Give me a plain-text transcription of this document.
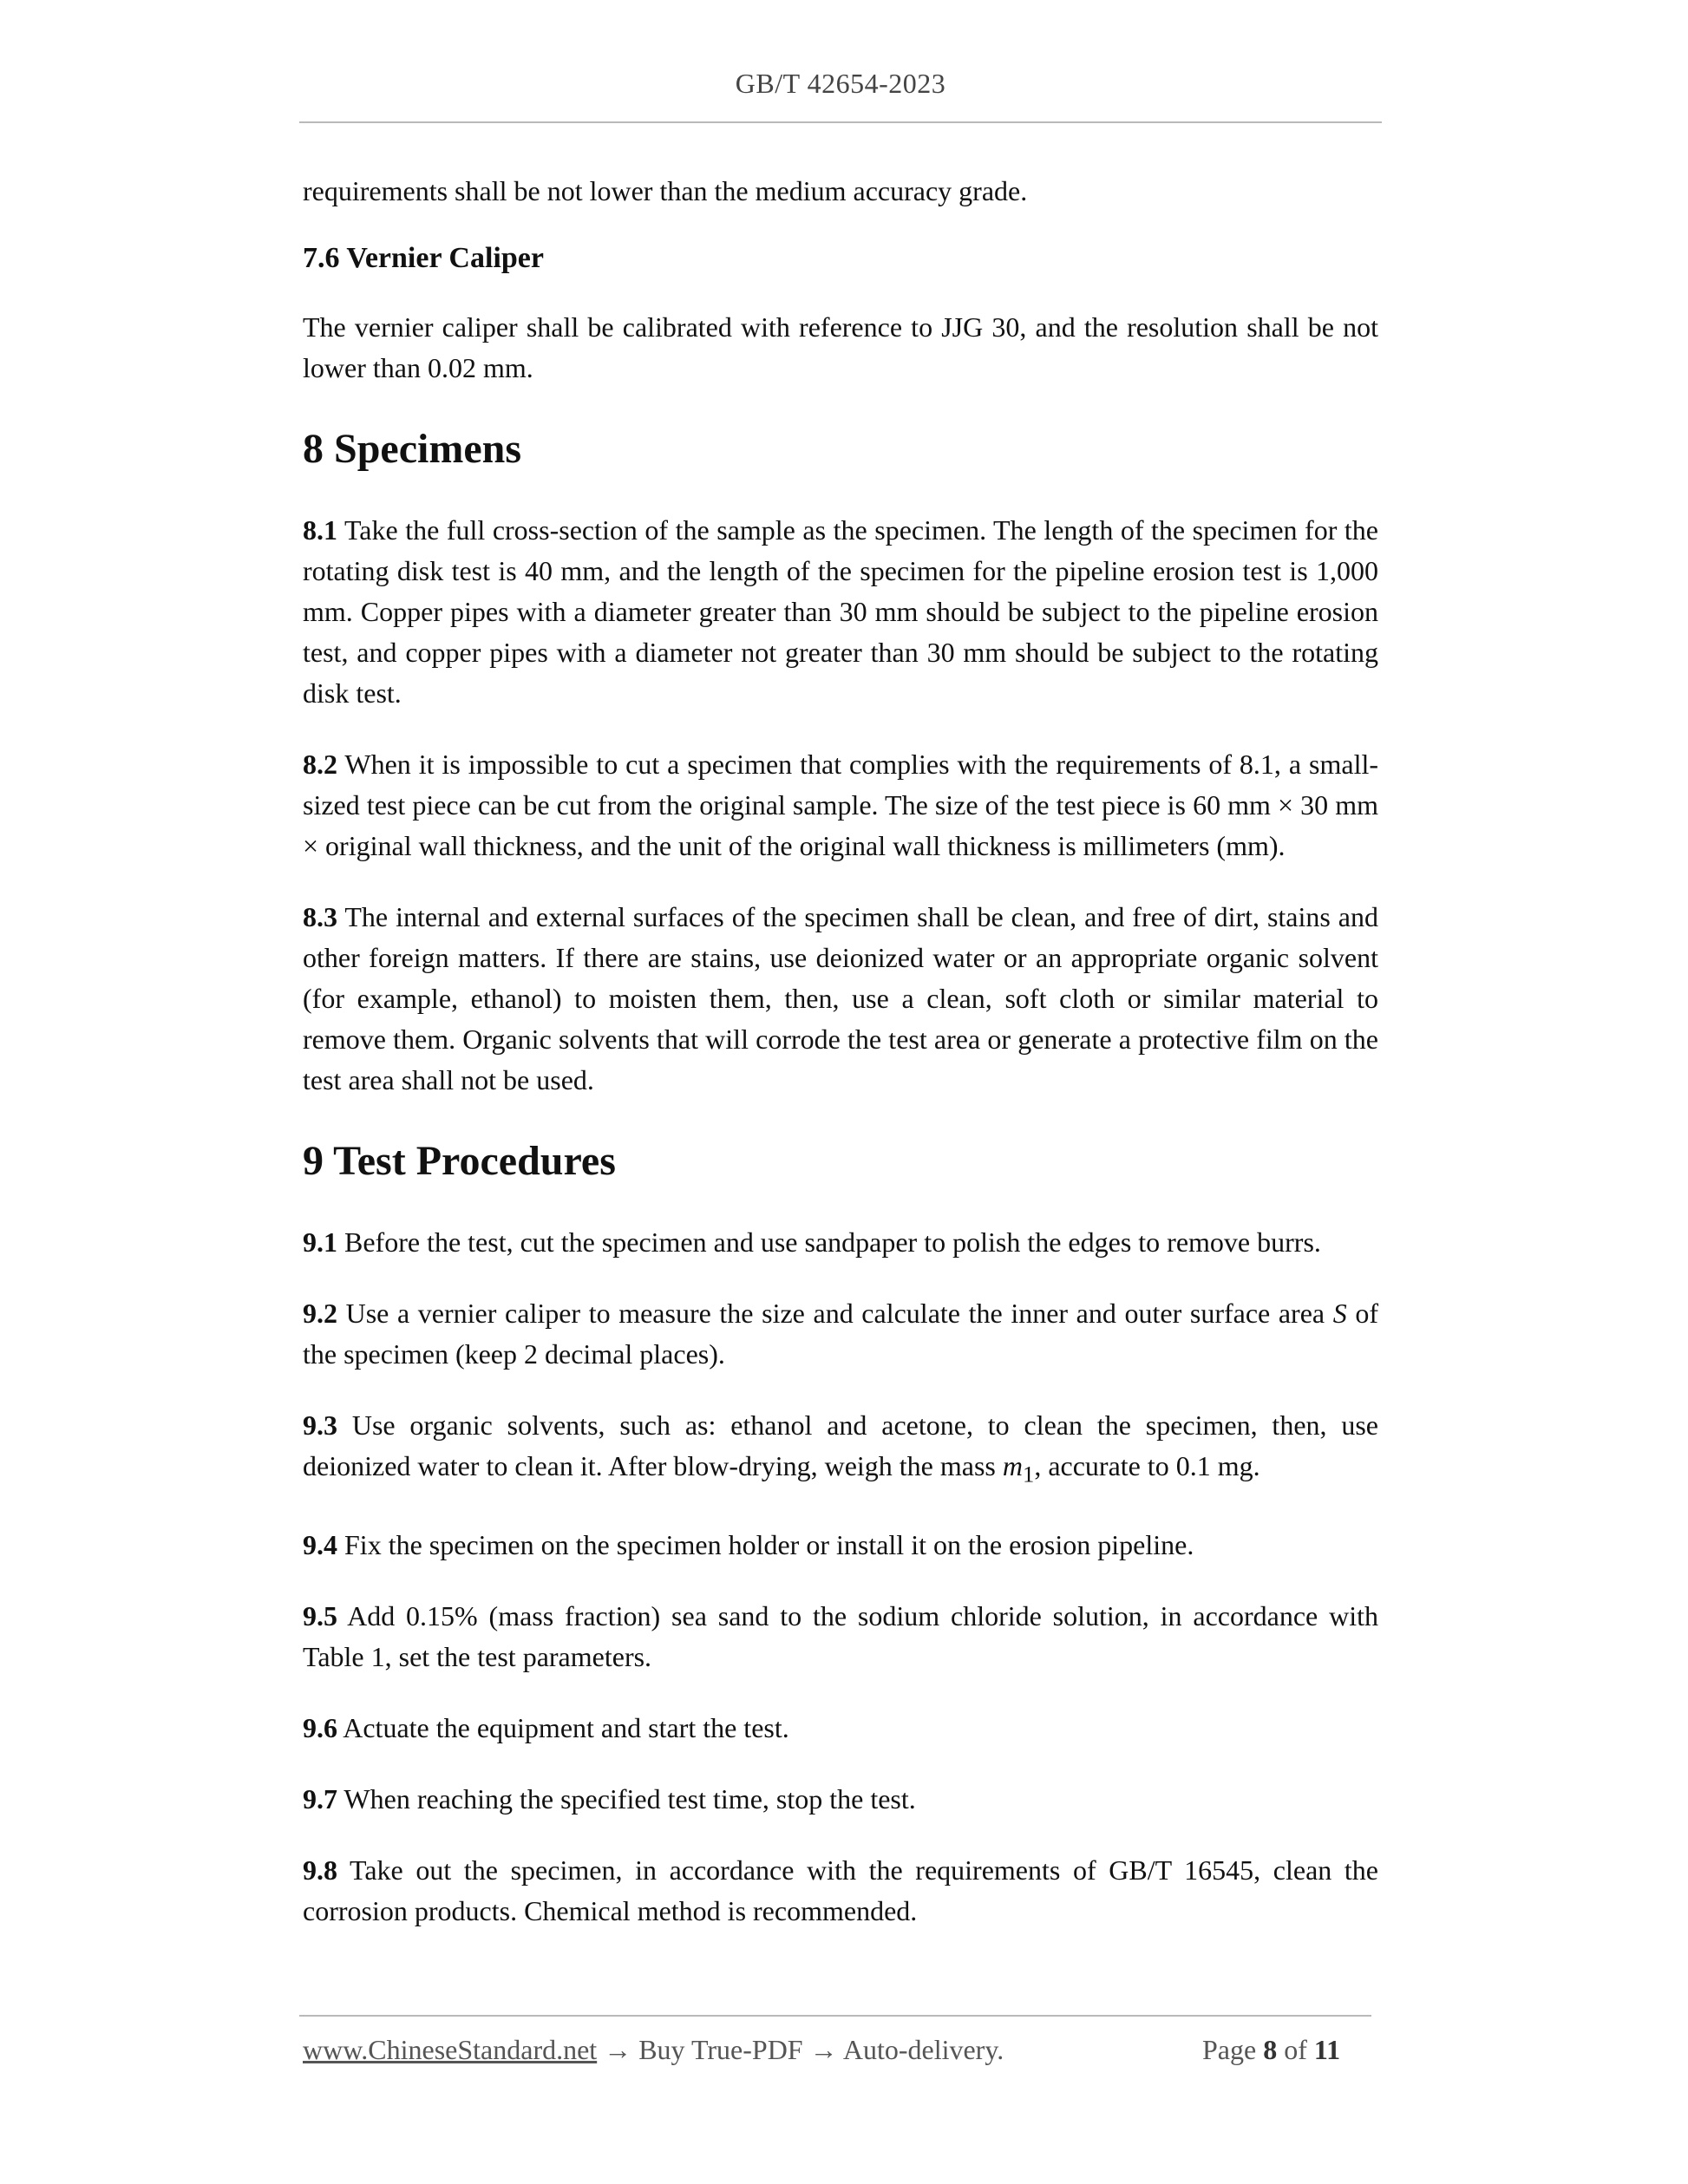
GB/T 42654-2023

requirements shall be not lower than the medium accuracy grade.

7.6 Vernier Caliper

The vernier caliper shall be calibrated with reference to JJG 30, and the resolution shall be not lower than 0.02 mm.

8 Specimens

8.1 Take the full cross-section of the sample as the specimen. The length of the specimen for the rotating disk test is 40 mm, and the length of the specimen for the pipeline erosion test is 1,000 mm. Copper pipes with a diameter greater than 30 mm should be subject to the pipeline erosion test, and copper pipes with a diameter not greater than 30 mm should be subject to the rotating disk test.

8.2 When it is impossible to cut a specimen that complies with the requirements of 8.1, a small-sized test piece can be cut from the original sample. The size of the test piece is 60 mm × 30 mm × original wall thickness, and the unit of the original wall thickness is millimeters (mm).

8.3 The internal and external surfaces of the specimen shall be clean, and free of dirt, stains and other foreign matters. If there are stains, use deionized water or an appropriate organic solvent (for example, ethanol) to moisten them, then, use a clean, soft cloth or similar material to remove them. Organic solvents that will corrode the test area or generate a protective film on the test area shall not be used.

9 Test Procedures

9.1 Before the test, cut the specimen and use sandpaper to polish the edges to remove burrs.

9.2 Use a vernier caliper to measure the size and calculate the inner and outer surface area S of the specimen (keep 2 decimal places).

9.3 Use organic solvents, such as: ethanol and acetone, to clean the specimen, then, use deionized water to clean it. After blow-drying, weigh the mass $m_1$, accurate to 0.1 mg.

9.4 Fix the specimen on the specimen holder or install it on the erosion pipeline.

9.5 Add 0.15% (mass fraction) sea sand to the sodium chloride solution, in accordance with Table 1, set the test parameters.

9.6 Actuate the equipment and start the test.

9.7 When reaching the specified test time, stop the test.

9.8 Take out the specimen, in accordance with the requirements of GB/T 16545, clean the corrosion products. Chemical method is recommended.

www.ChineseStandard.net → Buy True-PDF → Auto-delivery.	Page 8 of 11
